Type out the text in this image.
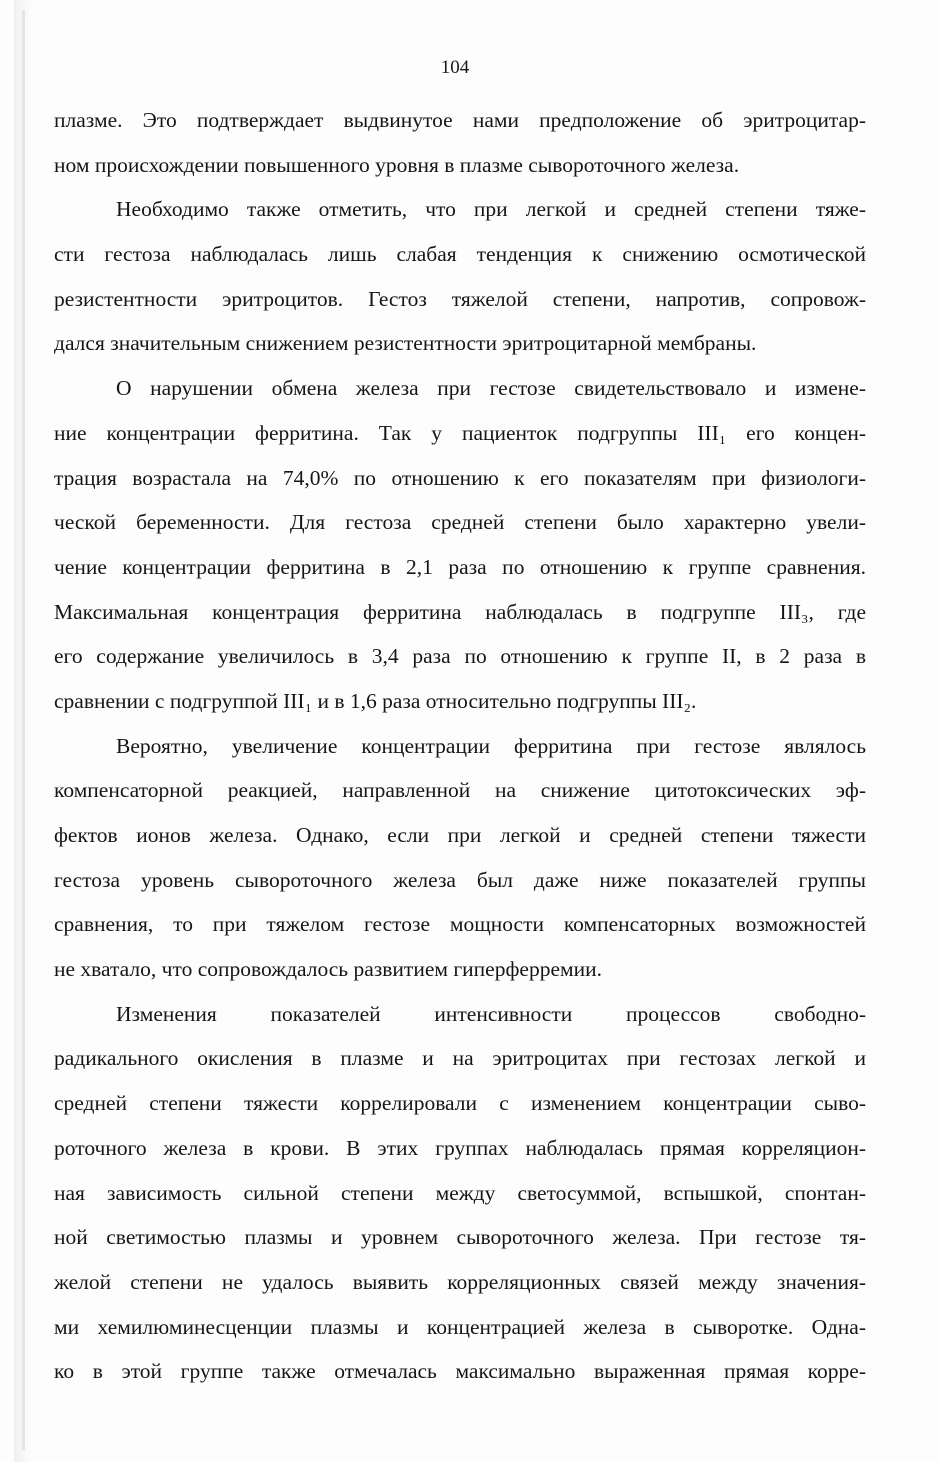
104
плазме. Это подтверждает выдвинутое нами предположение об эритроцитар-
ном происхождении повышенного уровня в плазме сывороточного железа.
Необходимо также отметить, что при легкой и средней степени тяже-
сти гестоза наблюдалась лишь слабая тенденция к снижению осмотической
резистентности эритроцитов. Гестоз тяжелой степени, напротив, сопровож-
дался значительным снижением резистентности эритроцитарной мембраны.
О нарушении обмена железа при гестозе свидетельствовало и измене-
ние концентрации ферритина. Так у пациенток подгруппы III₁ его концен-
трация возрастала на 74,0% по отношению к его показателям при физиологи-
ческой беременности. Для гестоза средней степени было характерно увели-
чение концентрации ферритина в 2,1 раза по отношению к группе сравнения.
Максимальная концентрация ферритина наблюдалась в подгруппе III₃, где
его содержание увеличилось в 3,4 раза по отношению к группе II, в 2 раза в
сравнении с подгруппой III₁ и в 1,6 раза относительно подгруппы III₂.
Вероятно, увеличение концентрации ферритина при гестозе являлось
компенсаторной реакцией, направленной на снижение цитотоксических эф-
фектов ионов железа. Однако, если при легкой и средней степени тяжести
гестоза уровень сывороточного железа был даже ниже показателей группы
сравнения, то при тяжелом гестозе мощности компенсаторных возможностей
не хватало, что сопровождалось развитием гиперферремии.
Изменения показателей интенсивности процессов свободно-
радикального окисления в плазме и на эритроцитах при гестозах легкой и
средней степени тяжести коррелировали с изменением концентрации сыво-
роточного железа в крови. В этих группах наблюдалась прямая корреляцион-
ная зависимость сильной степени между светосуммой, вспышкой, спонтан-
ной светимостью плазмы и уровнем сывороточного железа. При гестозе тя-
желой степени не удалось выявить корреляционных связей между значения-
ми хемилюминесценции плазмы и концентрацией железа в сыворотке. Одна-
ко в этой группе также отмечалась максимально выраженная прямая корре-
